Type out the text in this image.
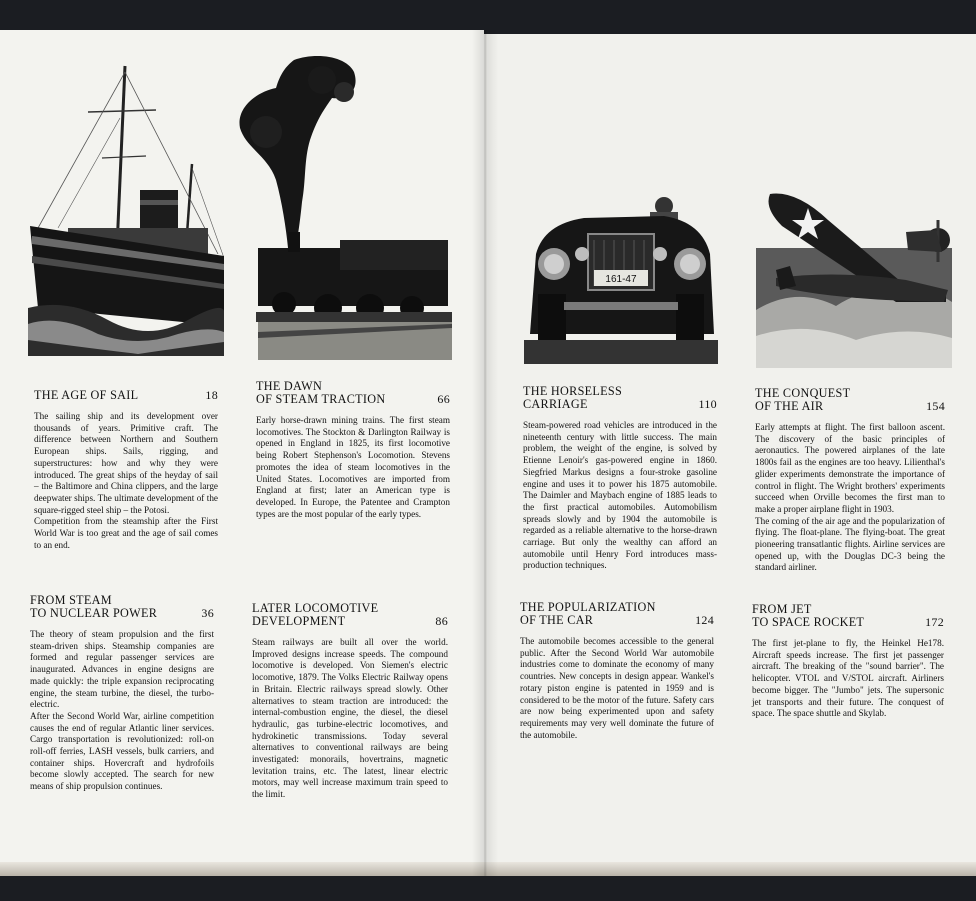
161-47
THE AGE OF SAIL	18

The sailing ship and its development over thousands of years. Primitive craft. The difference between Northern and Southern European ships. Sails, rigging, and superstructures: how and why they were introduced. The great ships of the heyday of sail – the Baltimore and China clippers, and the large deepwater ships. The ultimate development of the square-rigged steel ship – the Potosi.

Competition from the steamship after the First World War is too great and the age of sail comes to an end.

THE DAWN
OF STEAM TRACTION	66

Early horse-drawn mining trains. The first steam locomotives. The Stockton & Darlington Railway is opened in England in 1825, its first locomotive being Robert Stephenson's Locomotion. Stevens promotes the idea of steam locomotives in the United States. Locomotives are imported from England at first; later an American type is developed. In Europe, the Patentee and Crampton types are the most popular of the early types.

THE HORSELESS
CARRIAGE	110

Steam-powered road vehicles are introduced in the nineteenth century with little success. The main problem, the weight of the engine, is solved by Etienne Lenoir's gas-powered engine in 1860. Siegfried Markus designs a four-stroke gasoline engine and uses it to power his 1875 automobile. The Daimler and Maybach engine of 1885 leads to the first practical automobiles. Automobilism spreads slowly and by 1904 the automobile is regarded as a reliable alternative to the horse-drawn carriage. But only the wealthy can afford an automobile until Henry Ford introduces mass-production techniques.

THE CONQUEST
OF THE AIR	154

Early attempts at flight. The first balloon ascent. The discovery of the basic principles of aeronautics. The powered airplanes of the late 1800s fail as the engines are too heavy. Lilienthal's glider experiments demonstrate the importance of control in flight. The Wright brothers' experiments succeed when Orville becomes the first man to make a proper airplane flight in 1903.

The coming of the air age and the popularization of flying. The float-plane. The flying-boat. The great pioneering transatlantic flights. Airline services are opened up, with the Douglas DC-3 being the standard airliner.

FROM STEAM
TO NUCLEAR POWER	36

The theory of steam propulsion and the first steam-driven ships. Steamship companies are formed and regular passenger services are inaugurated. Advances in engine designs are made quickly: the triple expansion reciprocating engine, the steam turbine, the diesel, the turbo-electric.

After the Second World War, airline competition causes the end of regular Atlantic liner services. Cargo transportation is revolutionized: roll-on roll-off ferries, LASH vessels, bulk carriers, and container ships. Hovercraft and hydrofoils become slowly accepted. The search for new means of ship propulsion continues.

LATER LOCOMOTIVE
DEVELOPMENT	86

Steam railways are built all over the world. Improved designs increase speeds. The compound locomotive is developed. Von Siemen's electric locomotive, 1879. The Volks Electric Railway opens in Britain. Electric railways spread slowly. Other alternatives to steam traction are introduced: the internal-combustion engine, the diesel, the diesel hydraulic, gas turbine-electric locomotives, and hydrokinetic transmissions. Today several alternatives to conventional railways are being investigated: monorails, hovertrains, magnetic levitation trains, etc. The latest, linear electric motors, may well increase maximum train speed to the limit.

THE POPULARIZATION
OF THE CAR	124

The automobile becomes accessible to the general public. After the Second World War automobile industries come to dominate the economy of many countries. New concepts in design appear. Wankel's rotary piston engine is patented in 1959 and is considered to be the motor of the future. Safety cars are now being experimented upon and safety requirements may very well dominate the future of the automobile.

FROM JET
TO SPACE ROCKET	172

The first jet-plane to fly, the Heinkel He178. Aircraft speeds increase. The first jet passenger aircraft. The breaking of the "sound barrier". The helicopter. VTOL and V/STOL aircraft. Airliners become bigger. The "Jumbo" jets. The supersonic jet transports and their future. The conquest of space. The space shuttle and Skylab.
